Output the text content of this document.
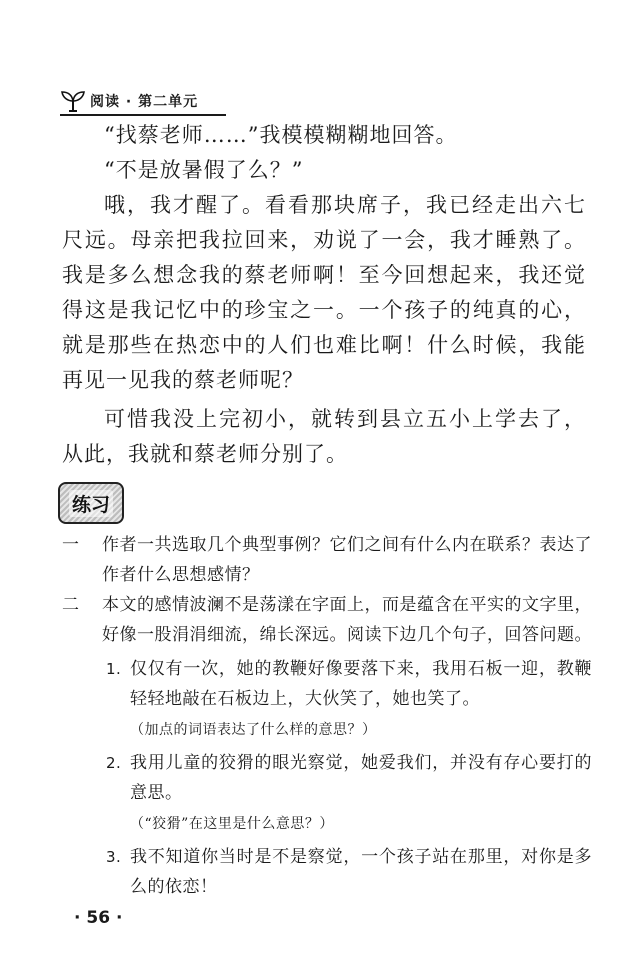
阅读 · 第二单元

“找蔡老师……”我模模糊糊地回答。

“不是放暑假了么？”

哦，我才醒了。看看那块席子，我已经走出六七尺远。母亲把我拉回来，劝说了一会，我才睡熟了。我是多么想念我的蔡老师啊！至今回想起来，我还觉得这是我记忆中的珍宝之一。一个孩子的纯真的心，就是那些在热恋中的人们也难比啊！什么时候，我能再见一见我的蔡老师呢？

可惜我没上完初小，就转到县立五小上学去了，从此，我就和蔡老师分别了。

练习
一	作者一共选取几个典型事例？它们之间有什么内在联系？表达了作者什么思想感情？
二	本文的感情波澜不是荡漾在字面上，而是蕴含在平实的文字里，好像一股涓涓细流，绵长深远。阅读下边几个句子，回答问题。
1. 仅仅有一次，她的教鞭好像要落下来，我用石板一迎，教鞭轻轻地敲在石板边上，大伙笑了，她也笑了。
（加点的词语表达了什么样的意思？）
2. 我用儿童的狡猾的眼光察觉，她爱我们，并没有存心要打的意思。
（“狡猾”在这里是什么意思？）
3. 我不知道你当时是不是察觉，一个孩子站在那里，对你是多么的依恋！
· 56 ·
